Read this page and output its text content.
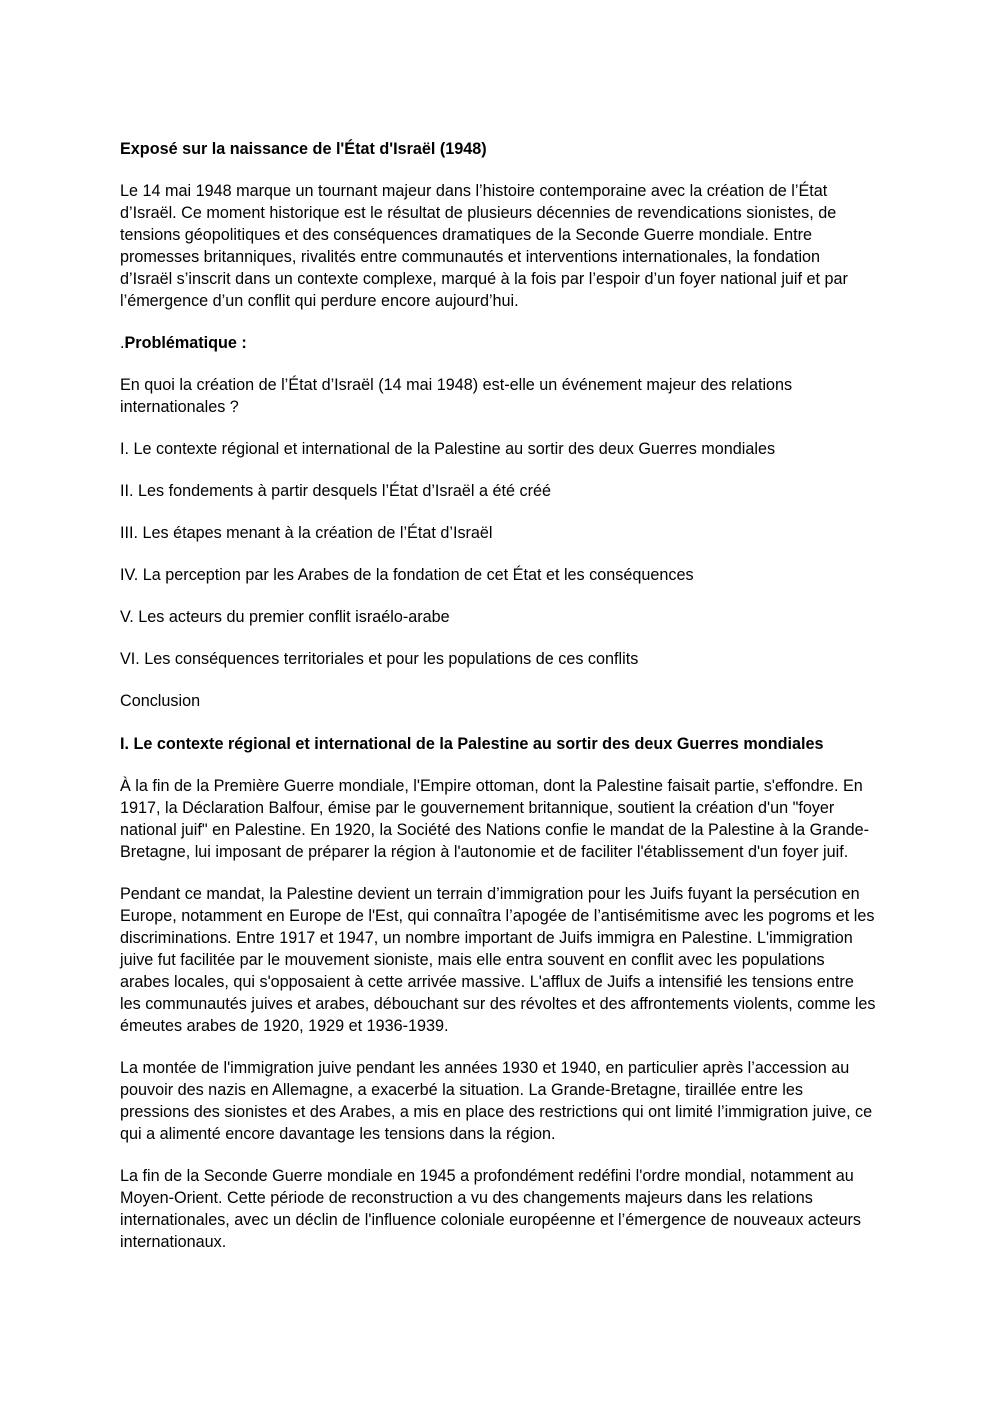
Exposé sur la naissance de l'État d'Israël (1948)

Le 14 mai 1948 marque un tournant majeur dans l’histoire contemporaine avec la création de l’État d’Israël. Ce moment historique est le résultat de plusieurs décennies de revendications sionistes, de tensions géopolitiques et des conséquences dramatiques de la Seconde Guerre mondiale. Entre promesses britanniques, rivalités entre communautés et interventions internationales, la fondation d’Israël s’inscrit dans un contexte complexe, marqué à la fois par l’espoir d’un foyer national juif et par l’émergence d’un conflit qui perdure encore aujourd’hui.

.Problématique :

En quoi la création de l’État d’Israël (14 mai 1948) est-elle un événement majeur des relations internationales ?

I. Le contexte régional et international de la Palestine au sortir des deux Guerres mondiales

II. Les fondements à partir desquels l’État d’Israël a été créé

III. Les étapes menant à la création de l’État d’Israël

IV. La perception par les Arabes de la fondation de cet État et les conséquences

V. Les acteurs du premier conflit israélo-arabe

VI. Les conséquences territoriales et pour les populations de ces conflits

Conclusion

I. Le contexte régional et international de la Palestine au sortir des deux Guerres mondiales

À la fin de la Première Guerre mondiale, l'Empire ottoman, dont la Palestine faisait partie, s'effondre. En 1917, la Déclaration Balfour, émise par le gouvernement britannique, soutient la création d'un "foyer national juif" en Palestine. En 1920, la Société des Nations confie le mandat de la Palestine à la Grande-Bretagne, lui imposant de préparer la région à l'autonomie et de faciliter l'établissement d'un foyer juif.

Pendant ce mandat, la Palestine devient un terrain d’immigration pour les Juifs fuyant la persécution en Europe, notamment en Europe de l'Est, qui connaîtra l’apogée de l’antisémitisme avec les pogroms et les discriminations. Entre 1917 et 1947, un nombre important de Juifs immigra en Palestine. L'immigration juive fut facilitée par le mouvement sioniste, mais elle entra souvent en conflit avec les populations arabes locales, qui s'opposaient à cette arrivée massive. L'afflux de Juifs a intensifié les tensions entre les communautés juives et arabes, débouchant sur des révoltes et des affrontements violents, comme les émeutes arabes de 1920, 1929 et 1936-1939.

La montée de l'immigration juive pendant les années 1930 et 1940, en particulier après l’accession au pouvoir des nazis en Allemagne, a exacerbé la situation. La Grande-Bretagne, tiraillée entre les pressions des sionistes et des Arabes, a mis en place des restrictions qui ont limité l’immigration juive, ce qui a alimenté encore davantage les tensions dans la région.

La fin de la Seconde Guerre mondiale en 1945 a profondément redéfini l'ordre mondial, notamment au Moyen-Orient. Cette période de reconstruction a vu des changements majeurs dans les relations internationales, avec un déclin de l'influence coloniale européenne et l’émergence de nouveaux acteurs internationaux.
